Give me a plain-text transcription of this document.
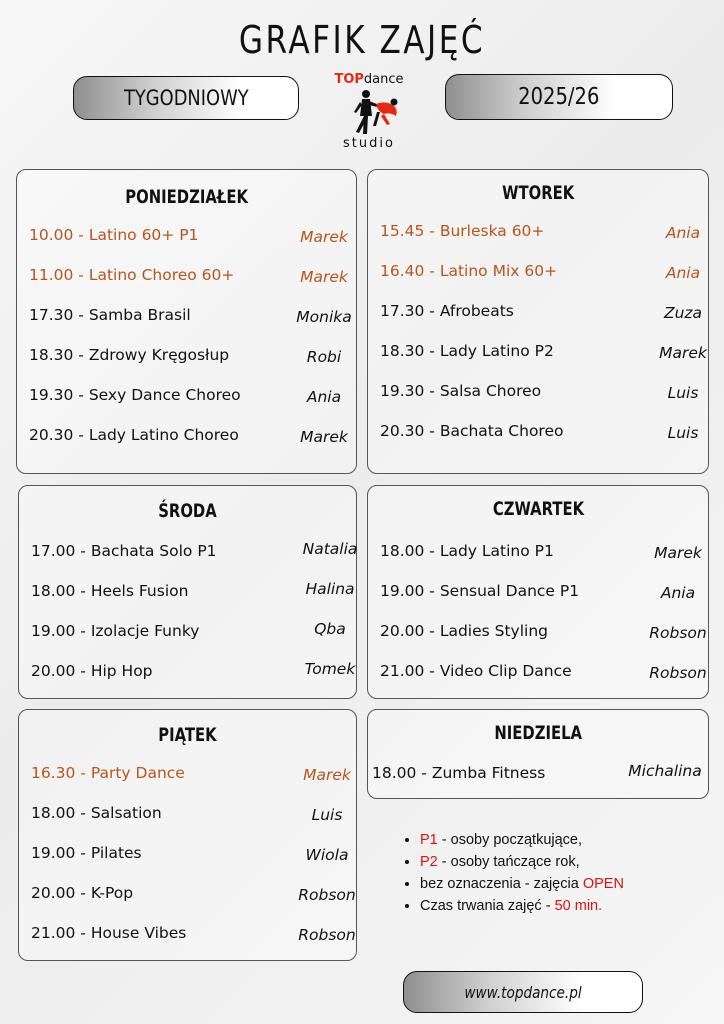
GRAFIK ZAJĘĆ
TYGODNIOWY	2025/26
TOPdance
studio
PONIEDZIAŁEK
10.00 - Latino 60+ P1	Marek
11.00 - Latino Choreo 60+	Marek
17.30 - Samba Brasil	Monika
18.30 - Zdrowy Kręgosłup	Robi
19.30 - Sexy Dance Choreo	Ania
20.30 - Lady Latino Choreo	Marek
WTOREK
15.45 - Burleska 60+	Ania
16.40 - Latino Mix 60+	Ania
17.30 - Afrobeats	Zuza
18.30 - Lady Latino P2	Marek
19.30 - Salsa Choreo	Luis
20.30 - Bachata Choreo	Luis
ŚRODA
17.00 - Bachata Solo P1	Natalia
18.00 - Heels Fusion	Halina
19.00 - Izolacje Funky	Qba
20.00 - Hip Hop	Tomek
CZWARTEK
18.00 - Lady Latino P1	Marek
19.00 - Sensual Dance P1	Ania
20.00 - Ladies Styling	Robson
21.00 - Video Clip Dance	Robson
PIĄTEK
16.30 - Party Dance	Marek
18.00 - Salsation	Luis
19.00 - Pilates	Wiola
20.00 - K-Pop	Robson
21.00 - House Vibes	Robson
NIEDZIELA
18.00 - Zumba Fitness	Michalina
• P1 - osoby początkujące,
• P2 - osoby tańczące rok,
• bez oznaczenia - zajęcia OPEN
• Czas trwania zajęć - 50 min.
www.topdance.pl
